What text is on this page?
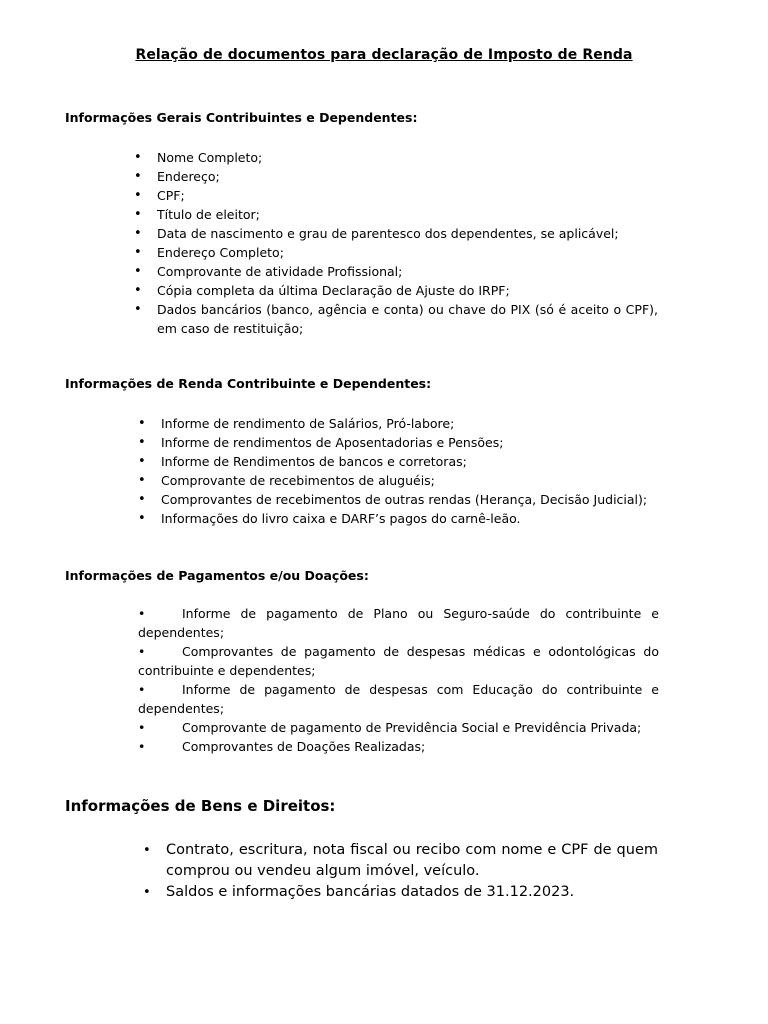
Relação de documentos para declaração de Imposto de Renda
Informações Gerais Contribuintes e Dependentes:
• Nome Completo;
• Endereço;
• CPF;
• Título de eleitor;
• Data de nascimento e grau de parentesco dos dependentes, se aplicável;
• Endereço Completo;
• Comprovante de atividade Profissional;
• Cópia completa da última Declaração de Ajuste do IRPF;
• Dados bancários (banco, agência e conta) ou chave do PIX (só é aceito o CPF), em caso de restituição;
Informações de Renda Contribuinte e Dependentes:
• Informe de rendimento de Salários, Pró-labore;
• Informe de rendimentos de Aposentadorias e Pensões;
• Informe de Rendimentos de bancos e corretoras;
• Comprovante de recebimentos de aluguéis;
• Comprovantes de recebimentos de outras rendas (Herança, Decisão Judicial);
• Informações do livro caixa e DARF’s pagos do carnê-leão.
Informações de Pagamentos e/ou Doações:
•	Informe de pagamento de Plano ou Seguro-saúde do contribuinte e dependentes;
•	Comprovantes de pagamento de despesas médicas e odontológicas do contribuinte e dependentes;
•	Informe de pagamento de despesas com Educação do contribuinte e dependentes;
•	Comprovante de pagamento de Previdência Social e Previdência Privada;
•	Comprovantes de Doações Realizadas;
Informações de Bens e Direitos:
• Contrato, escritura, nota fiscal ou recibo com nome e CPF de quem comprou ou vendeu algum imóvel, veículo.
• Saldos e informações bancárias datados de 31.12.2023.
